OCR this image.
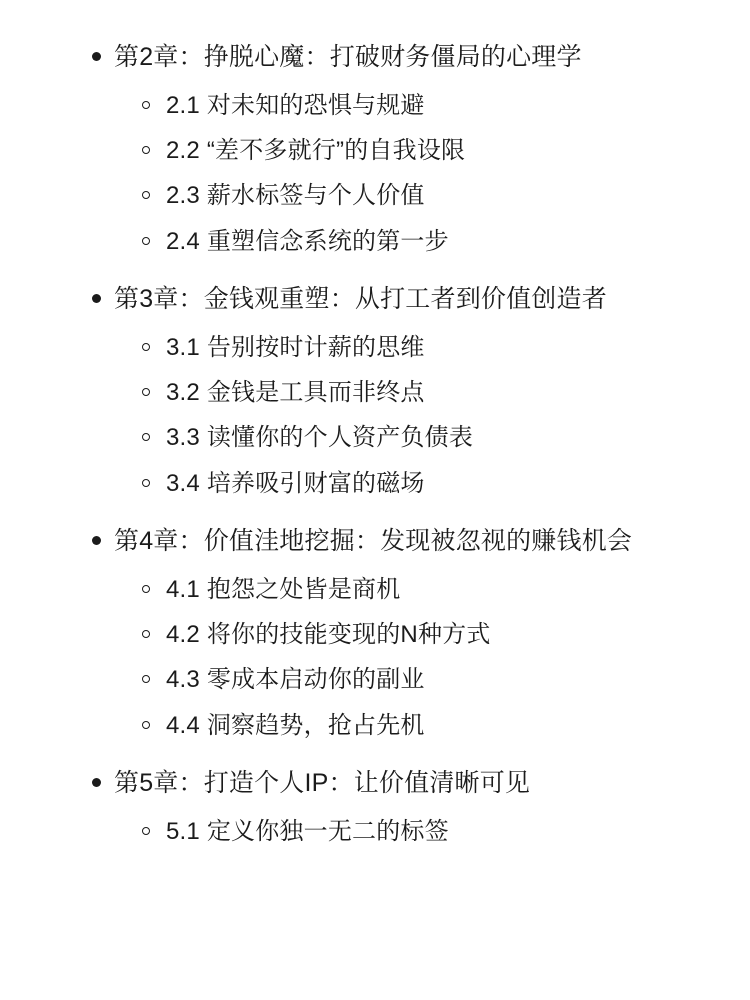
第2章：挣脱心魔：打破财务僵局的心理学
2.1 对未知的恐惧与规避
2.2 “差不多就行”的自我设限
2.3 薪水标签与个人价值
2.4 重塑信念系统的第一步
第3章：金钱观重塑：从打工者到价值创造者
3.1 告别按时计薪的思维
3.2 金钱是工具而非终点
3.3 读懂你的个人资产负债表
3.4 培养吸引财富的磁场
第4章：价值洼地挖掘：发现被忽视的赚钱机会
4.1 抱怨之处皆是商机
4.2 将你的技能变现的N种方式
4.3 零成本启动你的副业
4.4 洞察趋势，抢占先机
第5章：打造个人IP：让价值清晰可见
5.1 定义你独一无二的标签
